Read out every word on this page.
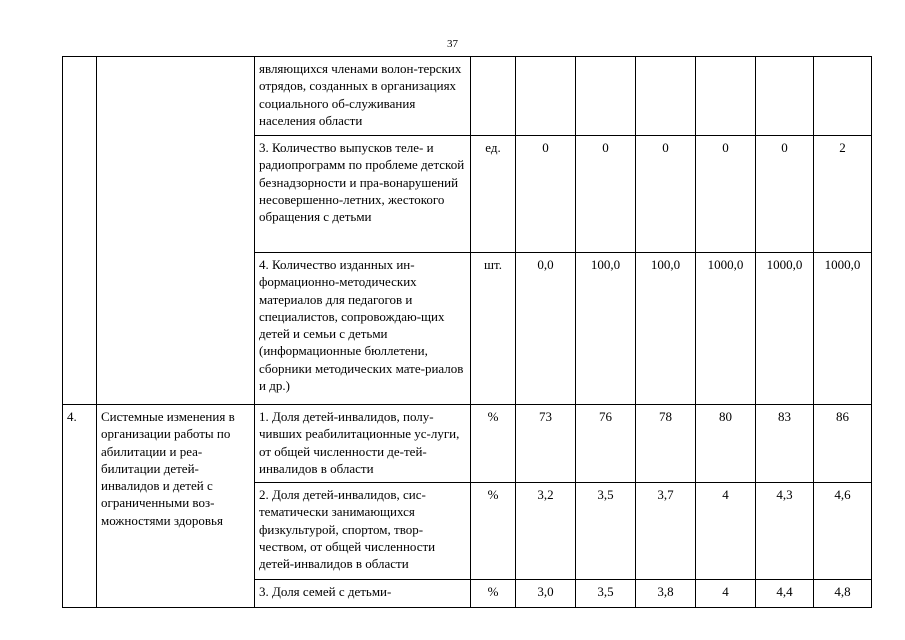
37
		являющихся членами волон-терских отрядов, созданных в организациях социального об-служивания населения области							
		3. Количество выпусков теле- и радиопрограмм по проблеме детской безнадзорности и пра-вонарушений несовершенно-летних, жестокого обращения с детьми	ед.	0	0	0	0	0	2
		4. Количество изданных ин-формационно-методических материалов для педагогов и специалистов, сопровождаю-щих детей и семьи с детьми (информационные бюллетени, сборники методических мате-риалов и др.)	шт.	0,0	100,0	100,0	1000,0	1000,0	1000,0
4.	Системные изменения в организации работы по абилитации и реа-билитации детей-инвалидов и детей с ограниченными воз-можностями здоровья	1. Доля детей-инвалидов, полу-чивших реабилитационные ус-луги, от общей численности де-тей-инвалидов в области	%	73	76	78	80	83	86
		2. Доля детей-инвалидов, сис-тематически занимающихся физкультурой, спортом, твор-чеством, от общей численности детей-инвалидов в области	%	3,2	3,5	3,7	4	4,3	4,6
		3. Доля семей с детьми-	%	3,0	3,5	3,8	4	4,4	4,8
